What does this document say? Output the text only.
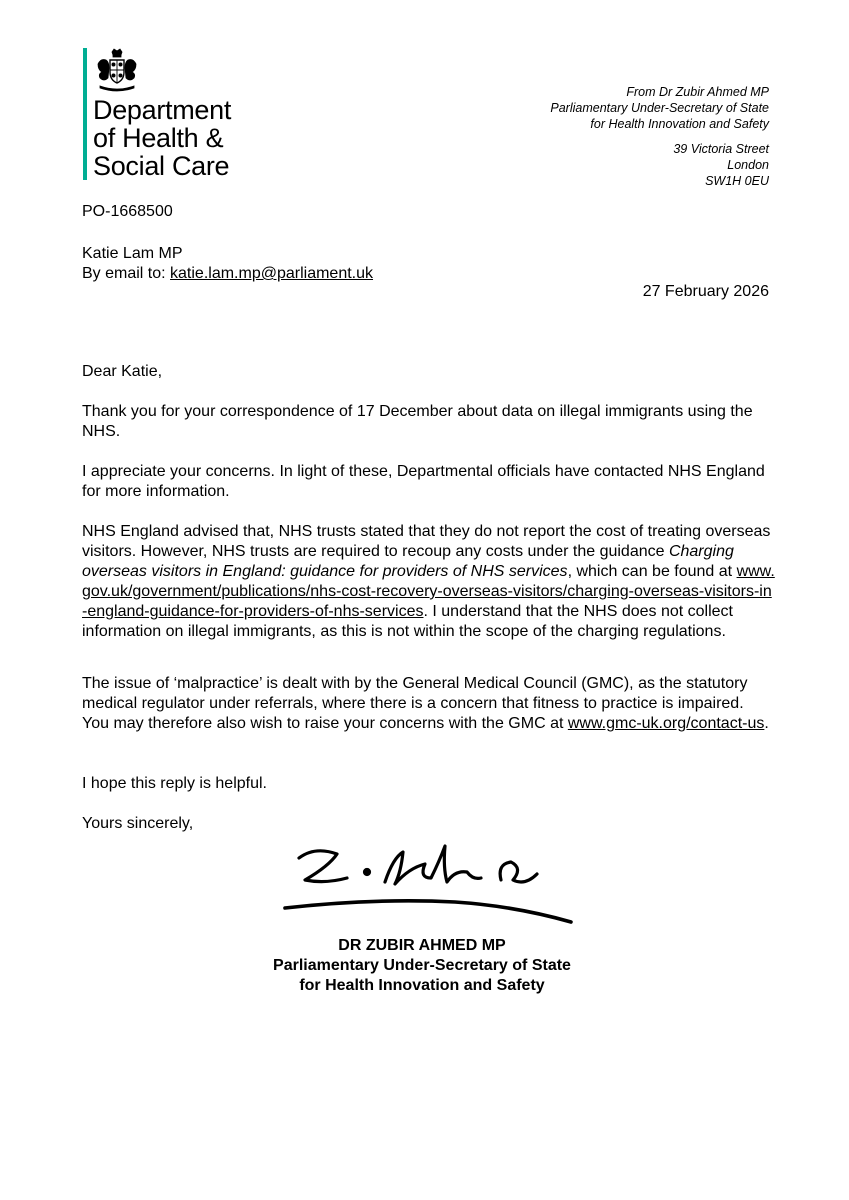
Department
of Health &
Social Care
From Dr Zubir Ahmed MP
Parliamentary Under-Secretary of State
for Health Innovation and Safety
39 Victoria Street
London
SW1H 0EU
PO-1668500
Katie Lam MP
By email to: katie.lam.mp@parliament.uk
27 February 2026

Dear Katie,

Thank you for your correspondence of 17 December about data on illegal immigrants using the NHS.

I appreciate your concerns. In light of these, Departmental officials have contacted NHS England for more information.

NHS England advised that, NHS trusts stated that they do not report the cost of treating overseas visitors. However, NHS trusts are required to recoup any costs under the guidance Charging overseas visitors in England: guidance for providers of NHS services, which can be found at www.gov.uk/government/publications/nhs-cost-recovery-overseas-visitors/charging-overseas-visitors-in-england-guidance-for-providers-of-nhs-services. I understand that the NHS does not collect information on illegal immigrants, as this is not within the scope of the charging regulations.

The issue of ‘malpractice’ is dealt with by the General Medical Council (GMC), as the statutory medical regulator under referrals, where there is a concern that fitness to practice is impaired. You may therefore also wish to raise your concerns with the GMC at www.gmc-uk.org/contact-us.

I hope this reply is helpful.

Yours sincerely,

DR ZUBIR AHMED MP
Parliamentary Under-Secretary of State
for Health Innovation and Safety
